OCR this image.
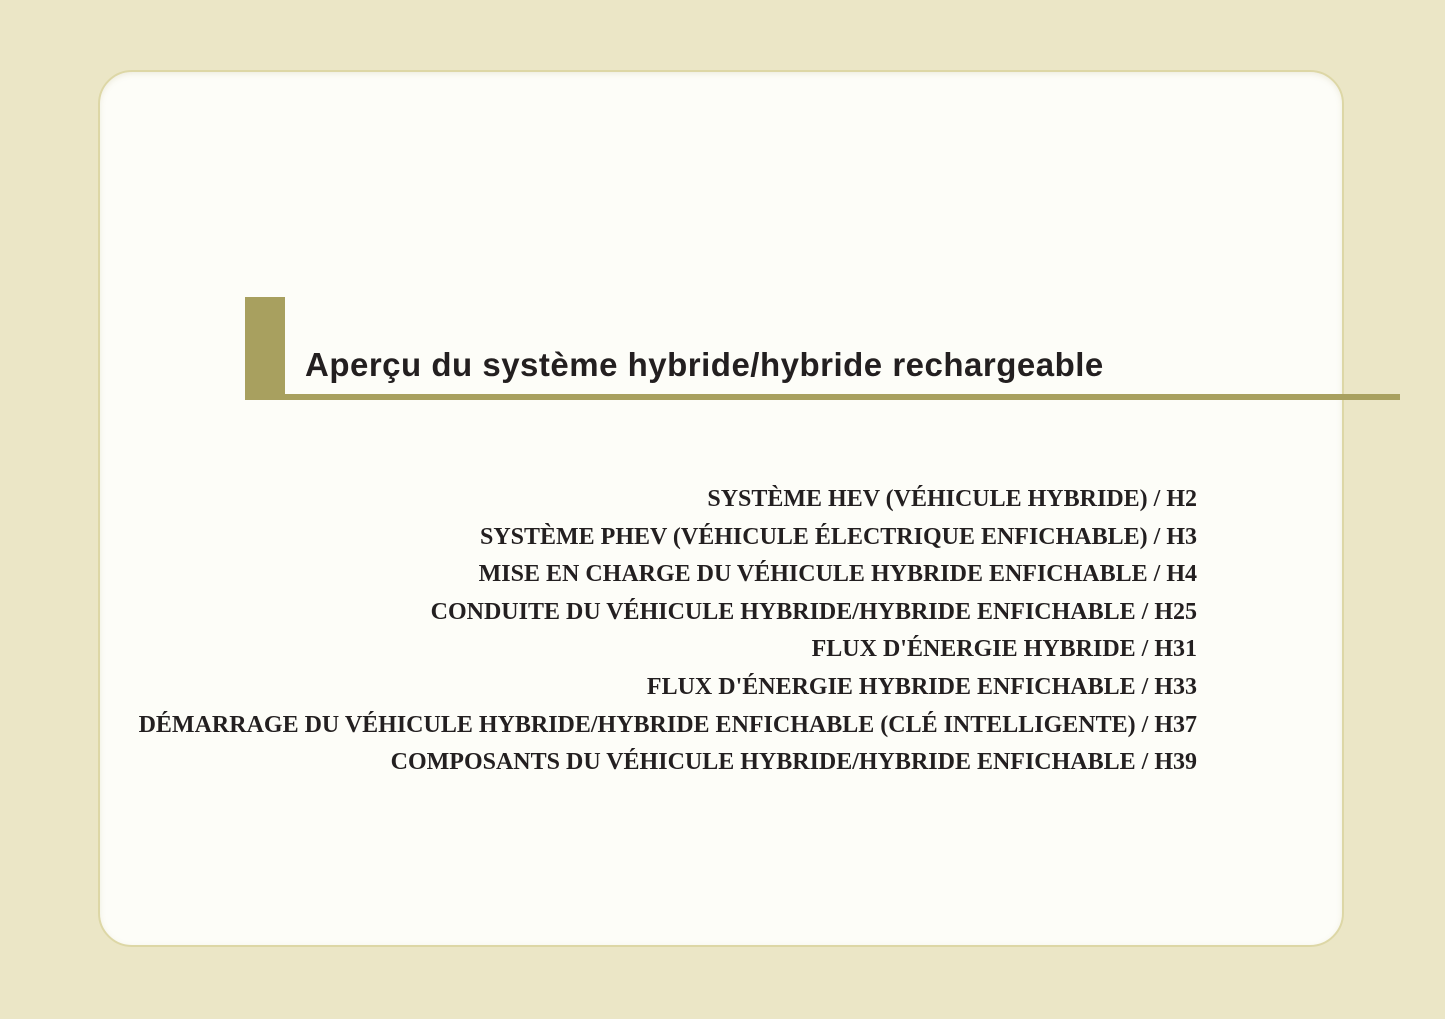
Aperçu du système hybride/hybride rechargeable
SYSTÈME HEV (VÉHICULE HYBRIDE) / H2
SYSTÈME PHEV (VÉHICULE ÉLECTRIQUE ENFICHABLE) / H3
MISE EN CHARGE DU VÉHICULE HYBRIDE ENFICHABLE / H4
CONDUITE DU VÉHICULE HYBRIDE/HYBRIDE ENFICHABLE / H25
FLUX D'ÉNERGIE HYBRIDE / H31
FLUX D'ÉNERGIE HYBRIDE ENFICHABLE / H33
DÉMARRAGE DU VÉHICULE HYBRIDE/HYBRIDE ENFICHABLE (CLÉ INTELLIGENTE) / H37
COMPOSANTS DU VÉHICULE HYBRIDE/HYBRIDE ENFICHABLE / H39
